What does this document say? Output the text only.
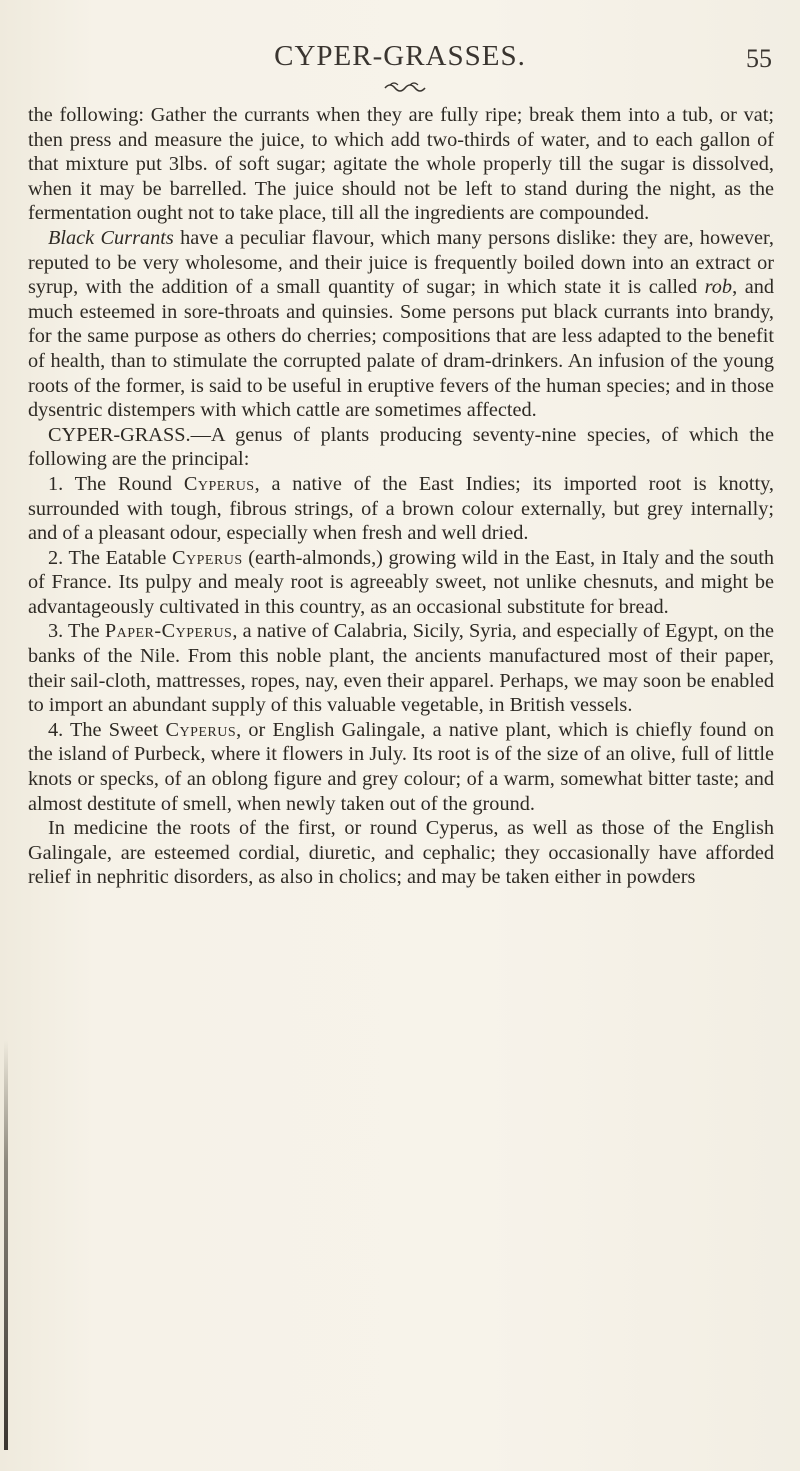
CYPER-GRASSES.	55

the following: Gather the currants when they are fully ripe; break them into a tub, or vat; then press and measure the juice, to which add two-thirds of water, and to each gallon of that mixture put 3lbs. of soft sugar; agitate the whole properly till the sugar is dissolved, when it may be barrelled. The juice should not be left to stand during the night, as the fermentation ought not to take place, till all the ingredients are compounded.

Black Currants have a peculiar flavour, which many persons dislike: they are, however, reputed to be very wholesome, and their juice is frequently boiled down into an extract or syrup, with the addition of a small quantity of sugar; in which state it is called rob, and much esteemed in sore-throats and quinsies. Some persons put black currants into brandy, for the same purpose as others do cherries; compositions that are less adapted to the benefit of health, than to stimulate the corrupted palate of dram-drinkers. An infusion of the young roots of the former, is said to be useful in eruptive fevers of the human species; and in those dysentric distempers with which cattle are sometimes affected.

CYPER-GRASS.—A genus of plants producing seventy-nine species, of which the following are the principal:

1. The Round Cyperus, a native of the East Indies; its imported root is knotty, surrounded with tough, fibrous strings, of a brown colour externally, but grey internally; and of a pleasant odour, especially when fresh and well dried.

2. The Eatable Cyperus (earth-almonds,) growing wild in the East, in Italy and the south of France. Its pulpy and mealy root is agreeably sweet, not unlike chesnuts, and might be advantageously cultivated in this country, as an occasional substitute for bread.

3. The Paper-Cyperus, a native of Calabria, Sicily, Syria, and especially of Egypt, on the banks of the Nile. From this noble plant, the ancients manufactured most of their paper, their sail-cloth, mattresses, ropes, nay, even their apparel. Perhaps, we may soon be enabled to import an abundant supply of this valuable vegetable, in British vessels.

4. The Sweet Cyperus, or English Galingale, a native plant, which is chiefly found on the island of Purbeck, where it flowers in July. Its root is of the size of an olive, full of little knots or specks, of an oblong figure and grey colour; of a warm, somewhat bitter taste; and almost destitute of smell, when newly taken out of the ground.

In medicine the roots of the first, or round Cyperus, as well as those of the English Galingale, are esteemed cordial, diuretic, and cephalic; they occasionally have afforded relief in nephritic disorders, as also in cholics; and may be taken either in powders
